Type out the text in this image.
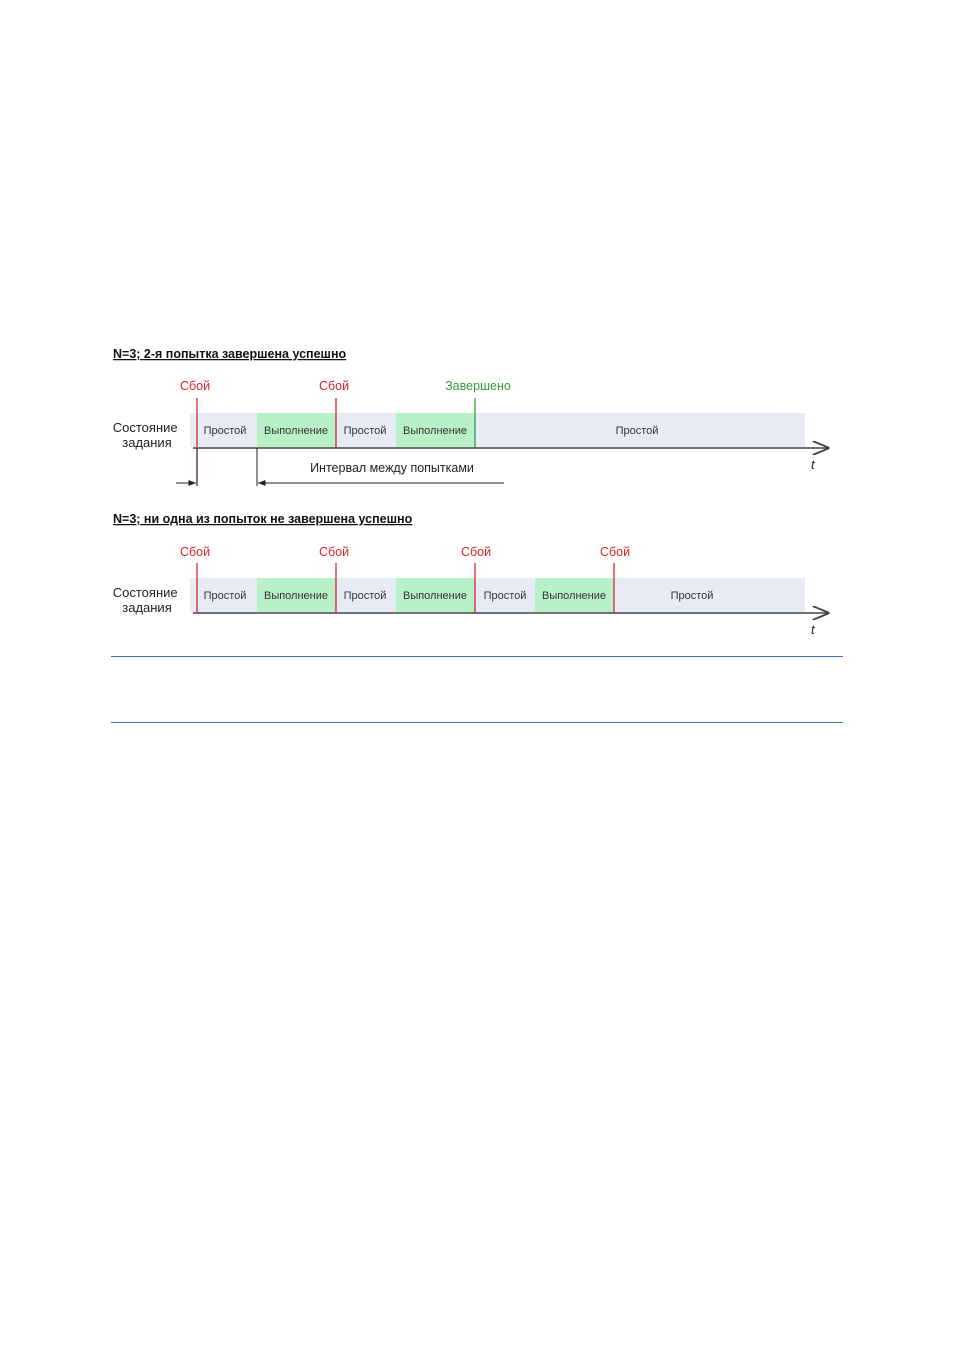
N=3; 2-я попытка завершена успешно
Состояние задания
Простой Выполнение Простой Выполнение	Простой
t
Сбой	Сбой	Завершено
Интервал между попытками
N=3; ни одна из попыток не завершена успешно
Состояние задания
Простой Выполнение Простой Выполнение Простой Выполнение	Простой
t
Сбой	Сбой	Сбой	Сбой
